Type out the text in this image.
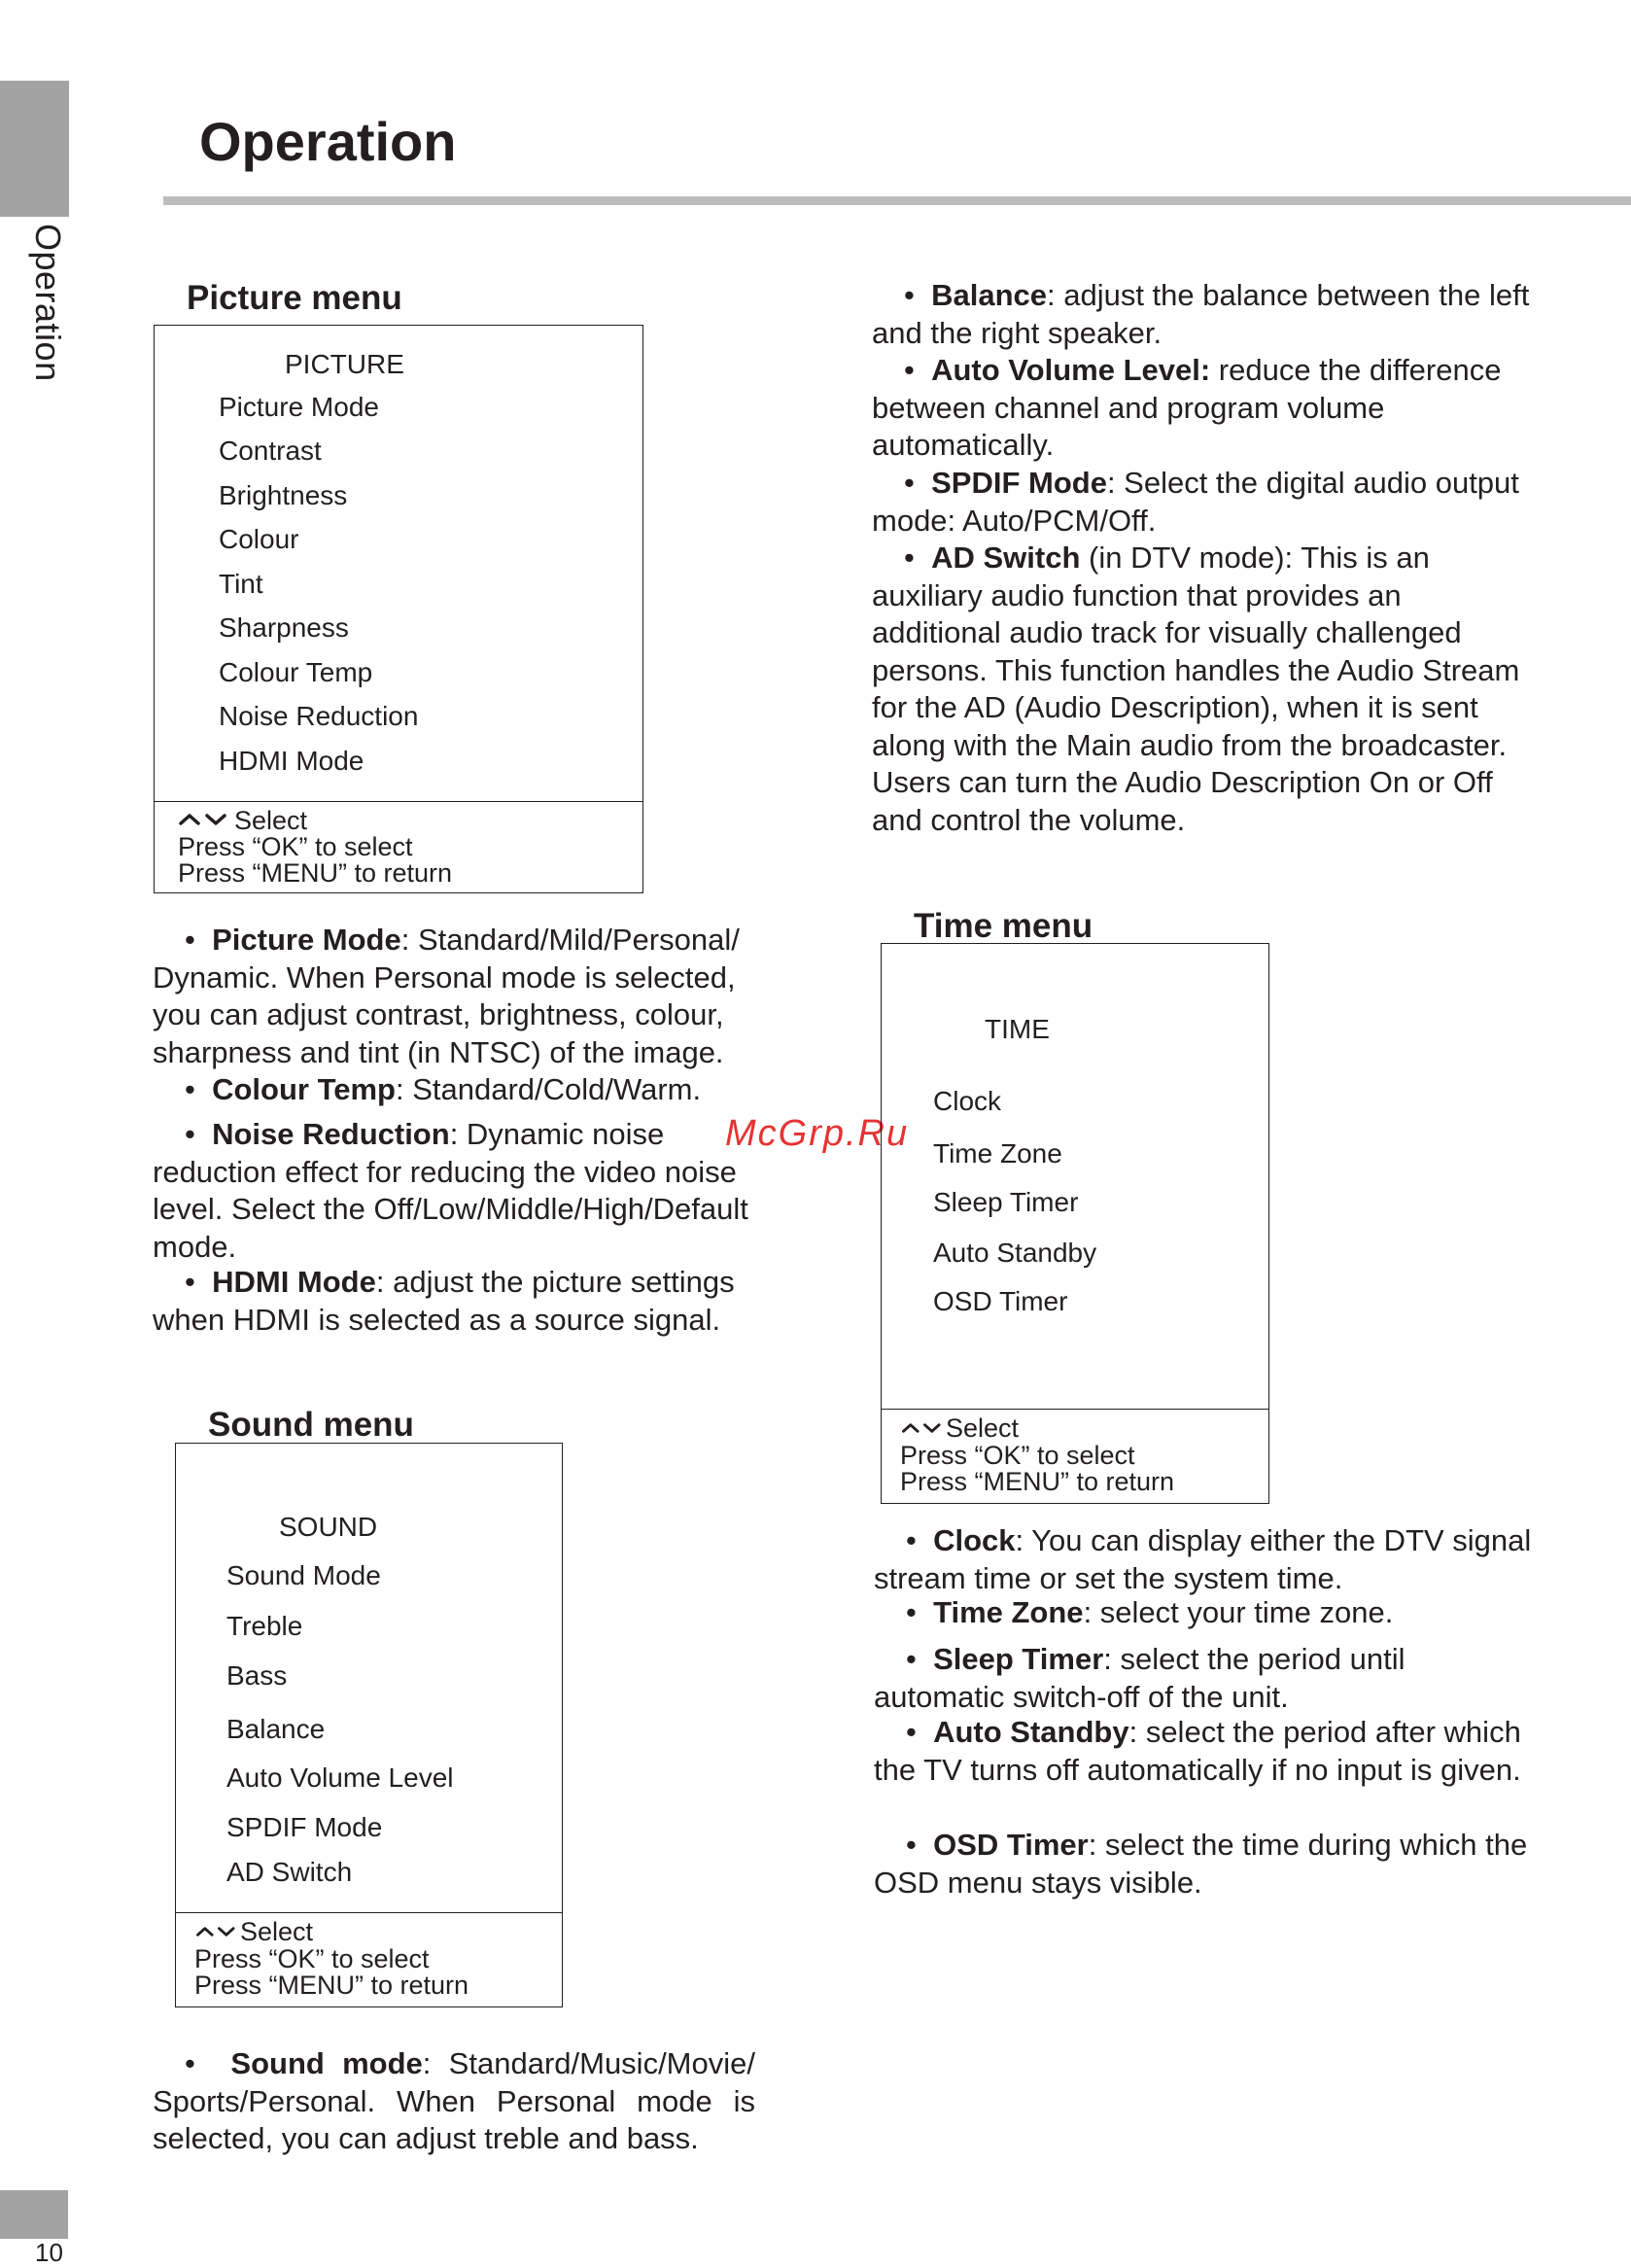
Operation
10
Operation
McGrp.Ru
Picture menu
PICTURE
Picture Mode
Contrast
Brightness
Colour
Tint
Sharpness
Colour Temp
Noise Reduction
HDMI Mode
Select
Press “OK” to select
Press “MENU” to return
•  Picture Mode: Standard/Mild/Personal/ Dynamic. When Personal mode is selected, you can adjust contrast, brightness, colour, sharpness and tint (in NTSC) of the image.
•  Colour Temp: Standard/Cold/Warm.
•  Noise Reduction: Dynamic noise reduction effect for reducing the video noise level. Select the Off/Low/Middle/High/Default mode.
•  HDMI Mode: adjust the picture settings when HDMI is selected as a source signal.
Sound menu
SOUND
Sound Mode
Treble
Bass
Balance
Auto Volume Level
SPDIF Mode
AD Switch
Select
Press “OK” to select
Press “MENU” to return
•  Sound mode: Standard/Music/Movie/ Sports/Personal. When Personal mode is selected, you can adjust treble and bass.
•  Balance: adjust the balance between the left and the right speaker.
•  Auto Volume Level: reduce the difference between channel and program volume automatically.
•  SPDIF Mode: Select the digital audio output mode: Auto/PCM/Off.
•  AD Switch (in DTV mode): This is an auxiliary audio function that provides an additional audio track for visually challenged persons. This function handles the Audio Stream for the AD (Audio Description), when it is sent along with the Main audio from the broadcaster. Users can turn the Audio Description On or Off and control the volume.
Time menu
TIME
Clock
Time Zone
Sleep Timer
Auto Standby
OSD Timer
Select
Press “OK” to select
Press “MENU” to return
•  Clock: You can display either the DTV signal stream time or set the system time.
•  Time Zone: select your time zone.
•  Sleep Timer: select the period until automatic switch-off of the unit.
•  Auto Standby: select the period after which the TV turns off automatically if no input is given.
•  OSD Timer: select the time during which the OSD menu stays visible.
